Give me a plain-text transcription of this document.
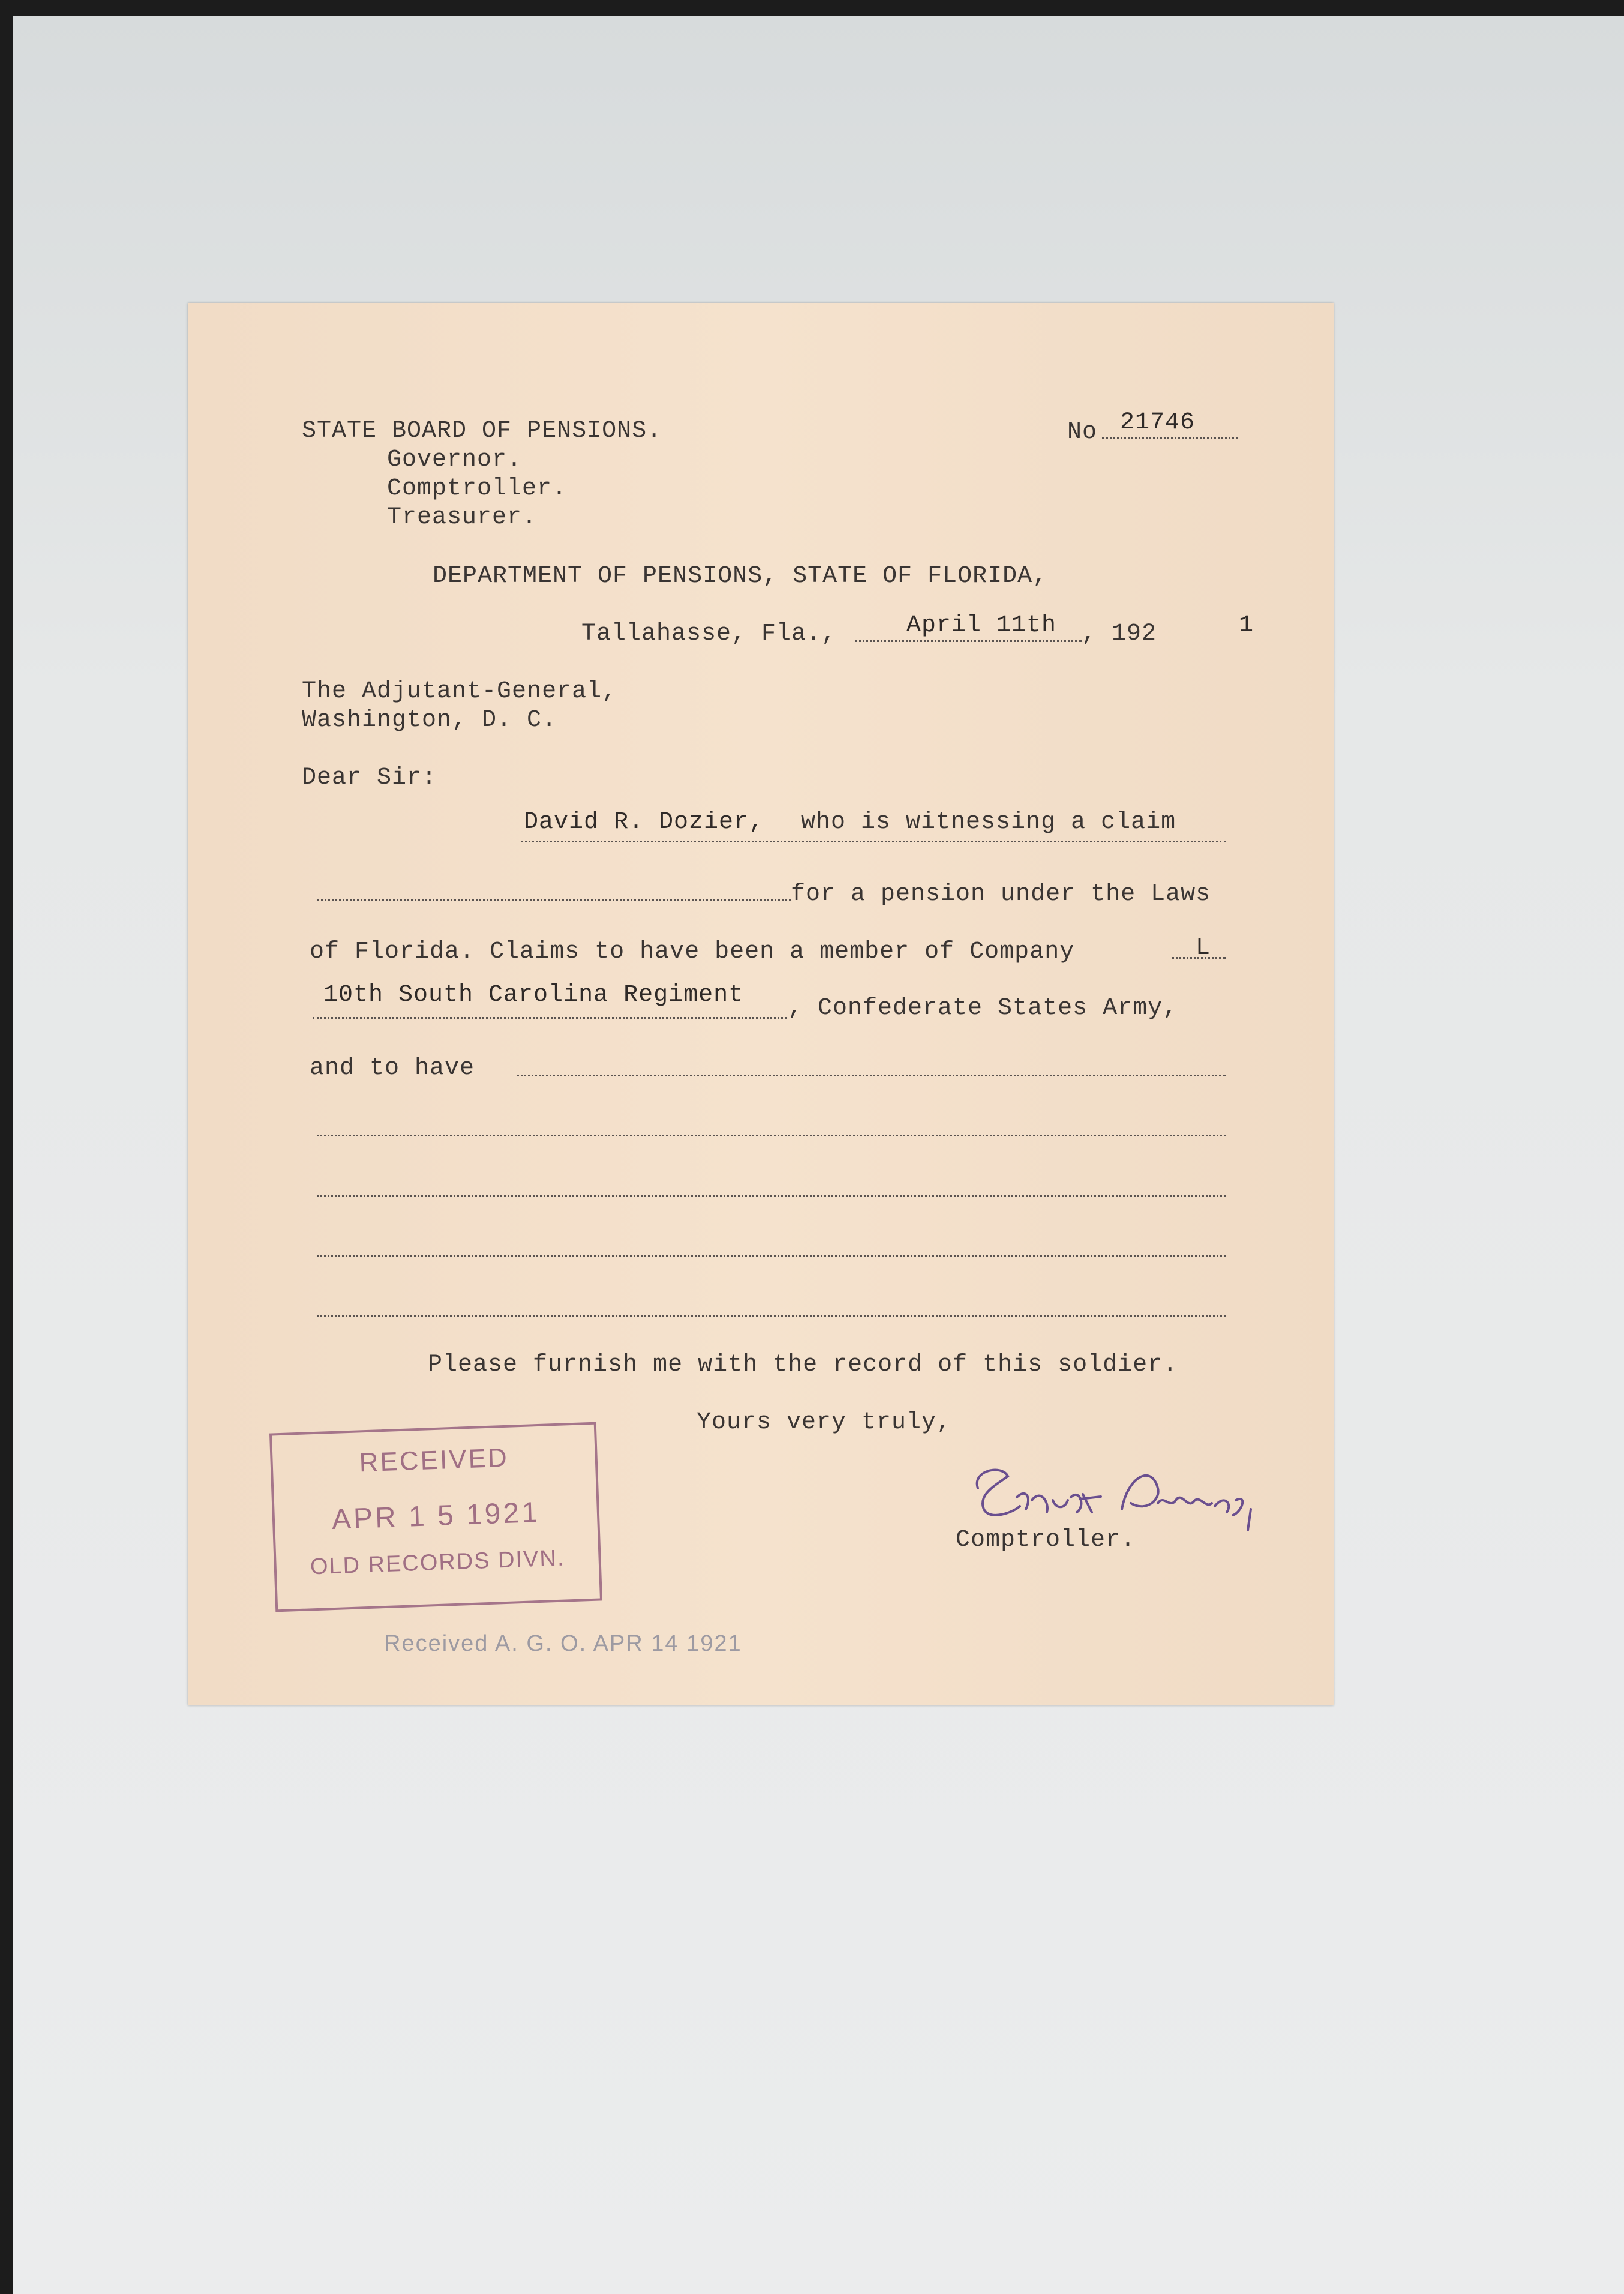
STATE BOARD OF PENSIONS.
Governor.
Comptroller.
Treasurer.
No 21746
DEPARTMENT OF PENSIONS, STATE OF FLORIDA,
Tallahasse, Fla.,	April 11th , 192	1
The Adjutant-General,
Washington, D. C.
Dear Sir:
David R. Dozier, who is witnessing a claim
for a pension under the Laws
of Florida. Claims to have been a member of Company	L
10th South Carolina Regiment , Confederate States Army,
and to have
Please furnish me with the record of this soldier.
Yours very truly,
Comptroller.
RECEIVED
APR 1 5 1921
OLD RECORDS DIVN.
Received A. G. O. APR 14 1921
